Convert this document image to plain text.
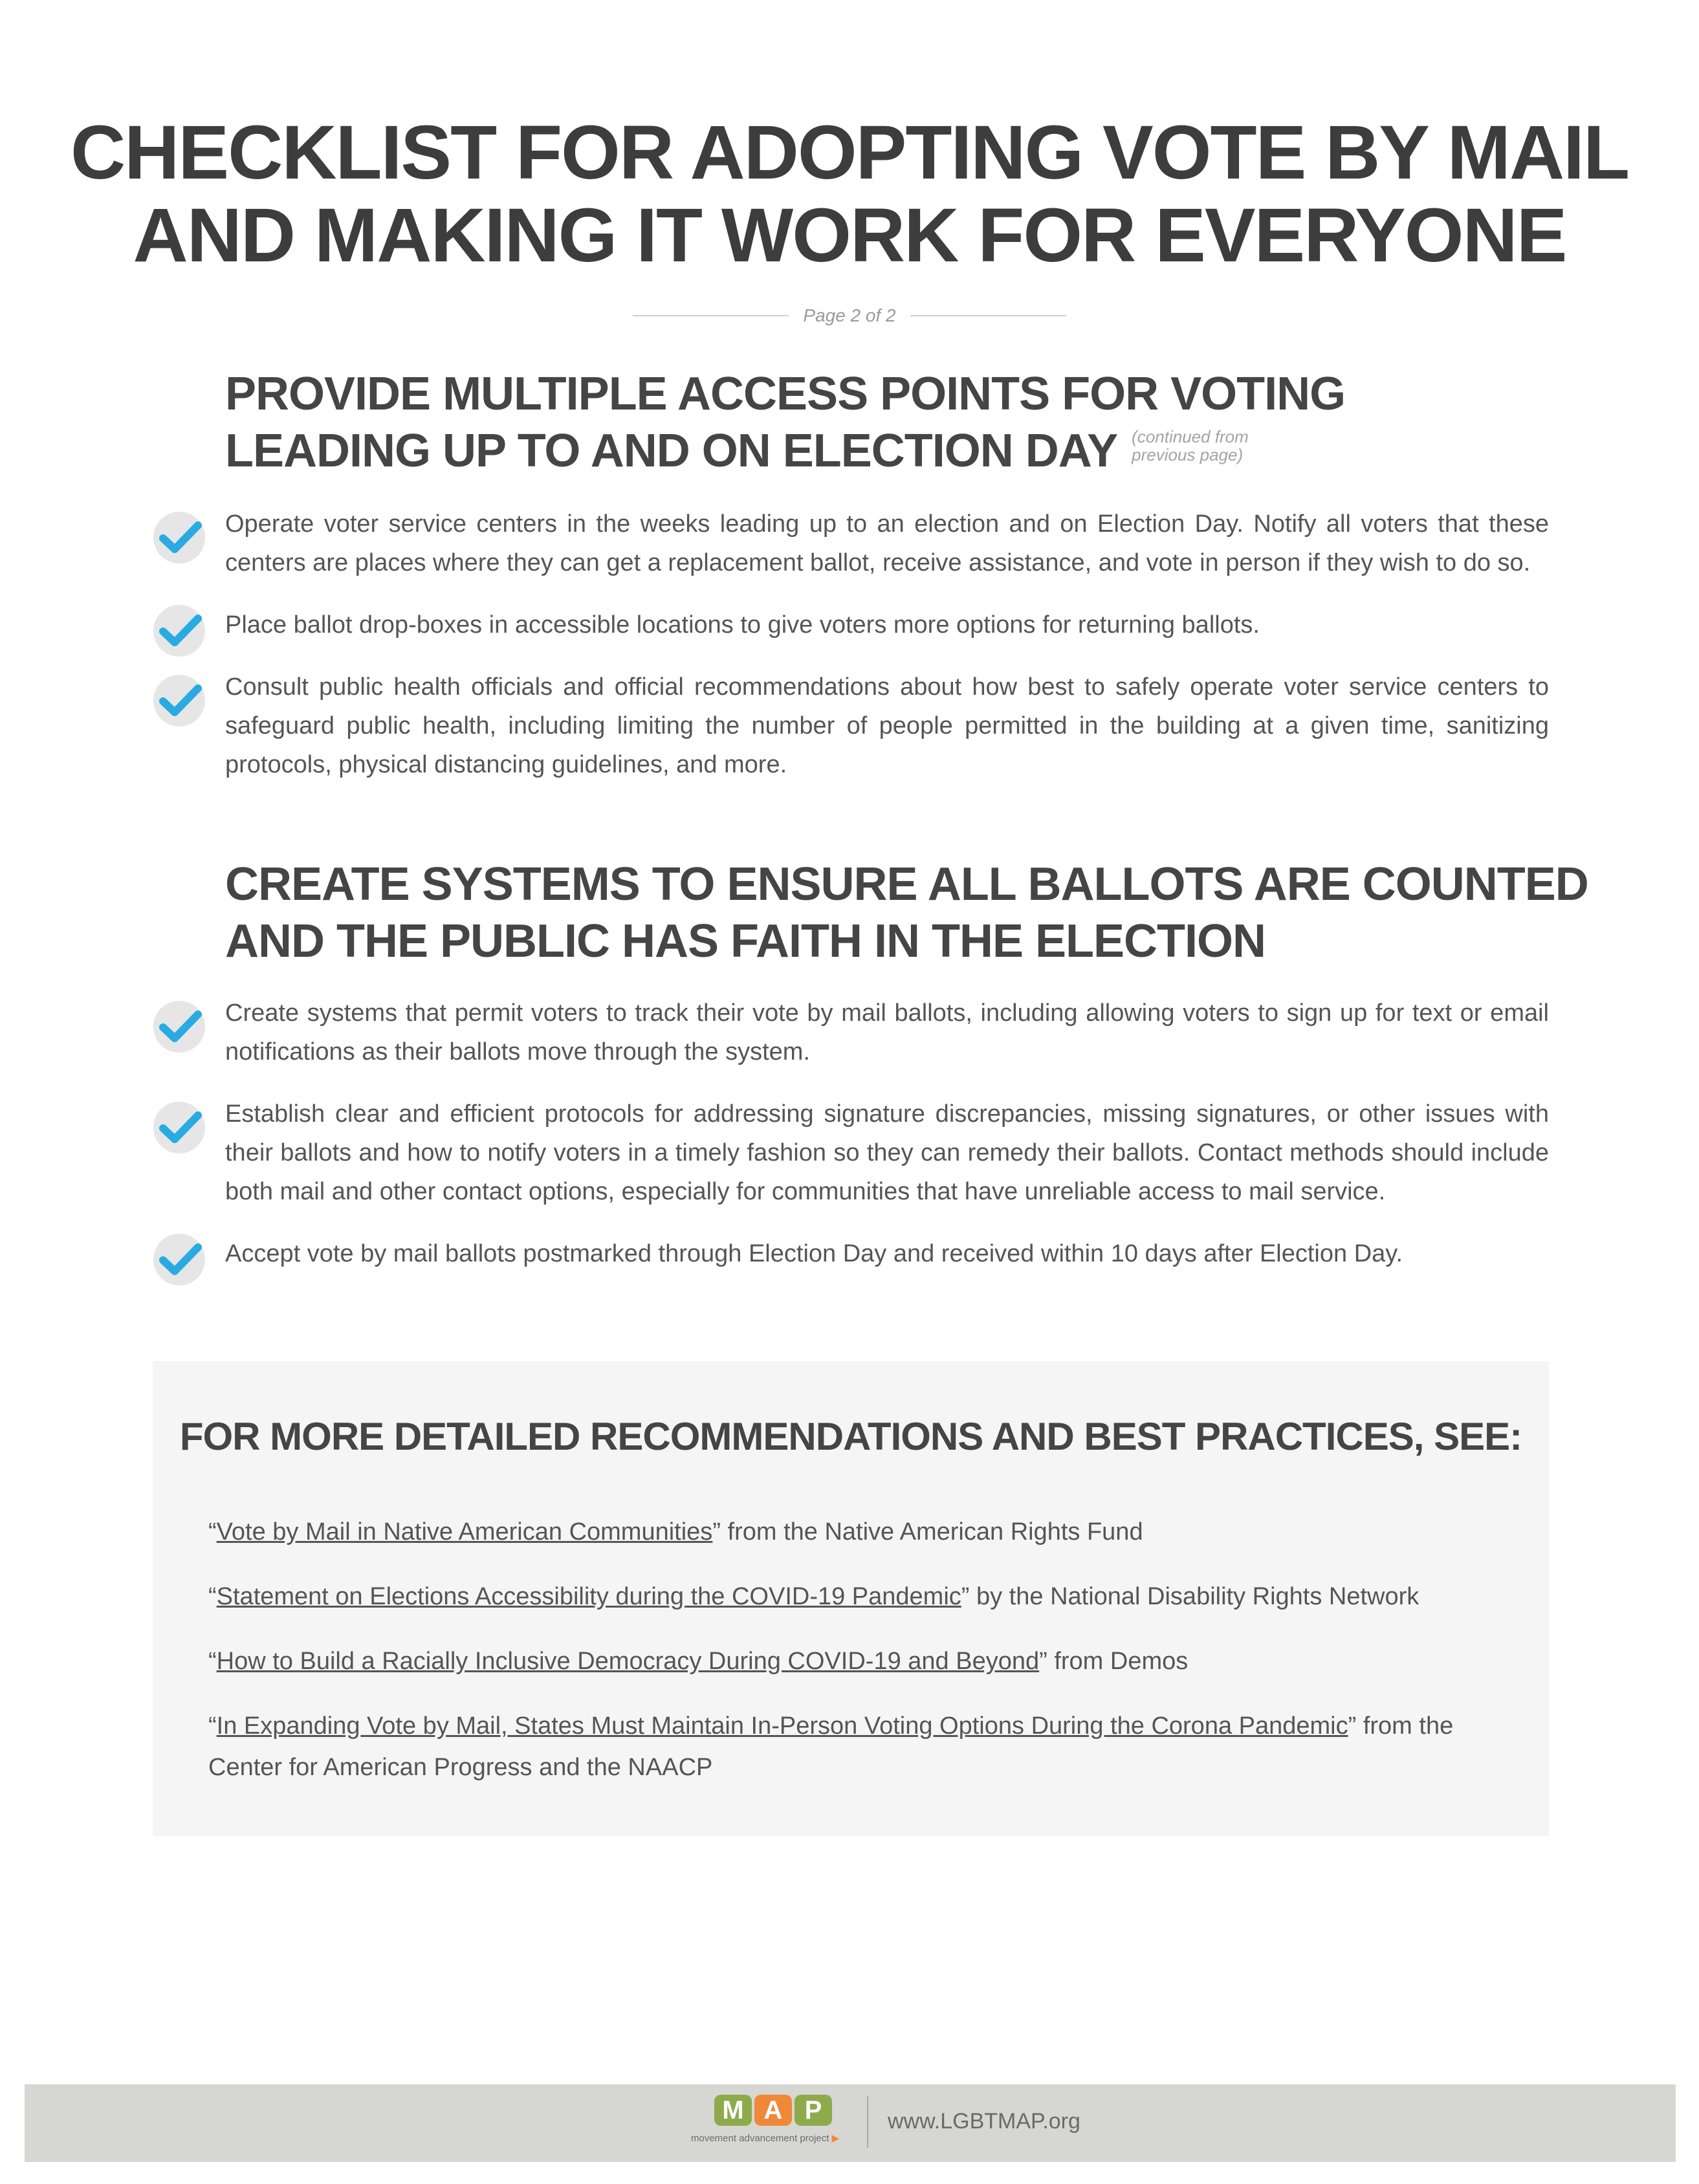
CHECKLIST FOR ADOPTING VOTE BY MAIL
AND MAKING IT WORK FOR EVERYONE
Page 2 of 2
PROVIDE MULTIPLE ACCESS POINTS FOR VOTING
LEADING UP TO AND ON ELECTION DAY (continued from
previous page)

Operate voter service centers in the weeks leading up to an election and on Election Day. Notify all voters that these centers are places where they can get a replacement ballot, receive assistance, and vote in person if they wish to do so.

Place ballot drop-boxes in accessible locations to give voters more options for returning ballots.

Consult public health officials and official recommendations about how best to safely operate voter service centers to safeguard public health, including limiting the number of people permitted in the building at a given time, sanitizing protocols, physical distancing guidelines, and more.

CREATE SYSTEMS TO ENSURE ALL BALLOTS ARE COUNTED
AND THE PUBLIC HAS FAITH IN THE ELECTION

Create systems that permit voters to track their vote by mail ballots, including allowing voters to sign up for text or email notifications as their ballots move through the system.

Establish clear and efficient protocols for addressing signature discrepancies, missing signatures, or other issues with their ballots and how to notify voters in a timely fashion so they can remedy their ballots. Contact methods should include both mail and other contact options, especially for communities that have unreliable access to mail service.

Accept vote by mail ballots postmarked through Election Day and received within 10 days after Election Day.

FOR MORE DETAILED RECOMMENDATIONS AND BEST PRACTICES, SEE:
“Vote by Mail in Native American Communities” from the Native American Rights Fund
“Statement on Elections Accessibility during the COVID-19 Pandemic” by the National Disability Rights Network
“How to Build a Racially Inclusive Democracy During COVID-19 and Beyond” from Demos
“In Expanding Vote by Mail, States Must Maintain In-Person Voting Options During the Corona Pandemic” from the Center for American Progress and the NAACP
M A P
movement advancement project ▶
www.LGBTMAP.org
